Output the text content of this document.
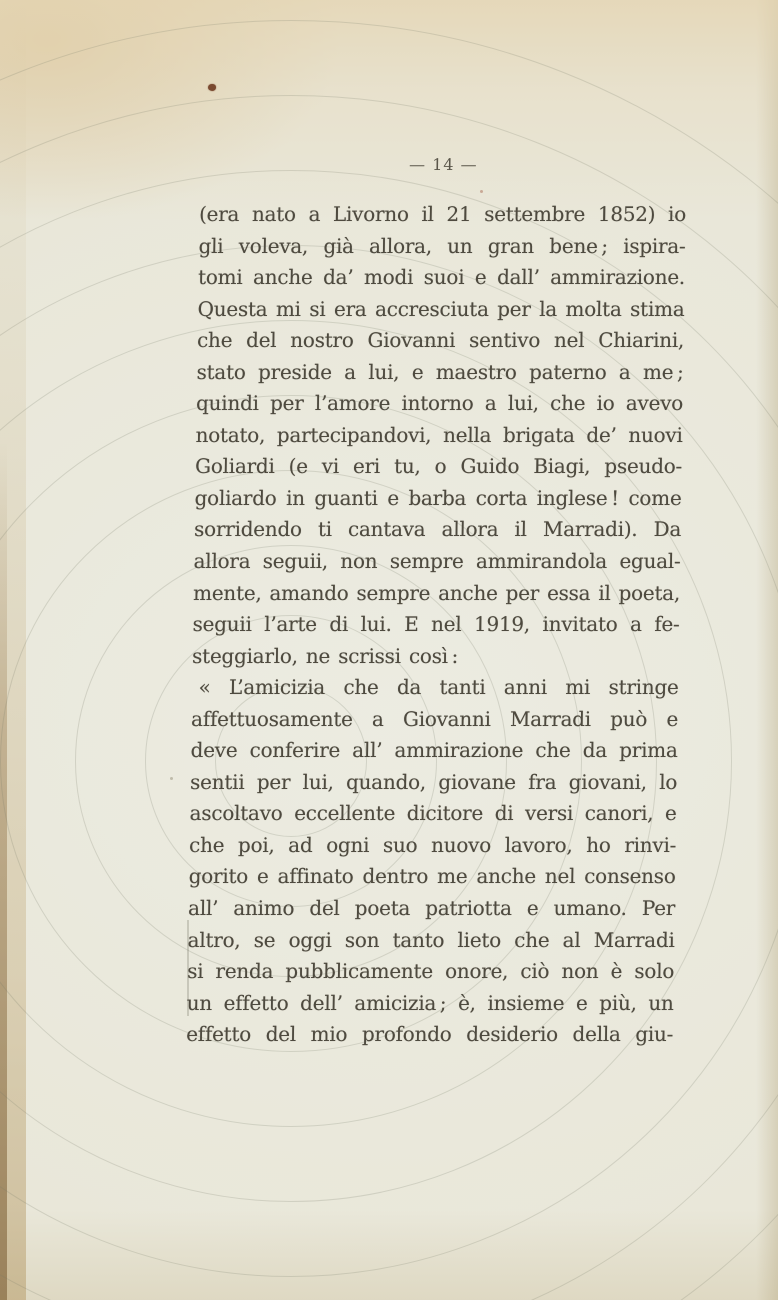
— 14 —
(era nato a Livorno il 21 settembre 1852) io
gli voleva, già allora, un gran bene ; ispira-
tomi anche da’ modi suoi e dall’ ammirazione.
Questa mi si era accresciuta per la molta stima
che del nostro Giovanni sentivo nel Chiarini,
stato preside a lui, e maestro paterno a me ;
quindi per l’amore intorno a lui, che io avevo
notato, partecipandovi, nella brigata de’ nuovi
Goliardi (e vi eri tu, o Guido Biagi, pseudo-
goliardo in guanti e barba corta inglese ! come
sorridendo ti cantava allora il Marradi). Da
allora seguii, non sempre ammirandola egual-
mente, amando sempre anche per essa il poeta,
seguii l’arte di lui. E nel 1919, invitato a fe-
steggiarlo, ne scrissi così :
« L’amicizia che da tanti anni mi stringe
affettuosamente a Giovanni Marradi può e
deve conferire all’ ammirazione che da prima
sentii per lui, quando, giovane fra giovani, lo
ascoltavo eccellente dicitore di versi canori, e
che poi, ad ogni suo nuovo lavoro, ho rinvi-
gorito e affinato dentro me anche nel consenso
all’ animo del poeta patriotta e umano. Per
altro, se oggi son tanto lieto che al Marradi
si renda pubblicamente onore, ciò non è solo
un effetto dell’ amicizia ; è, insieme e più, un
effetto del mio profondo desiderio della giu-
